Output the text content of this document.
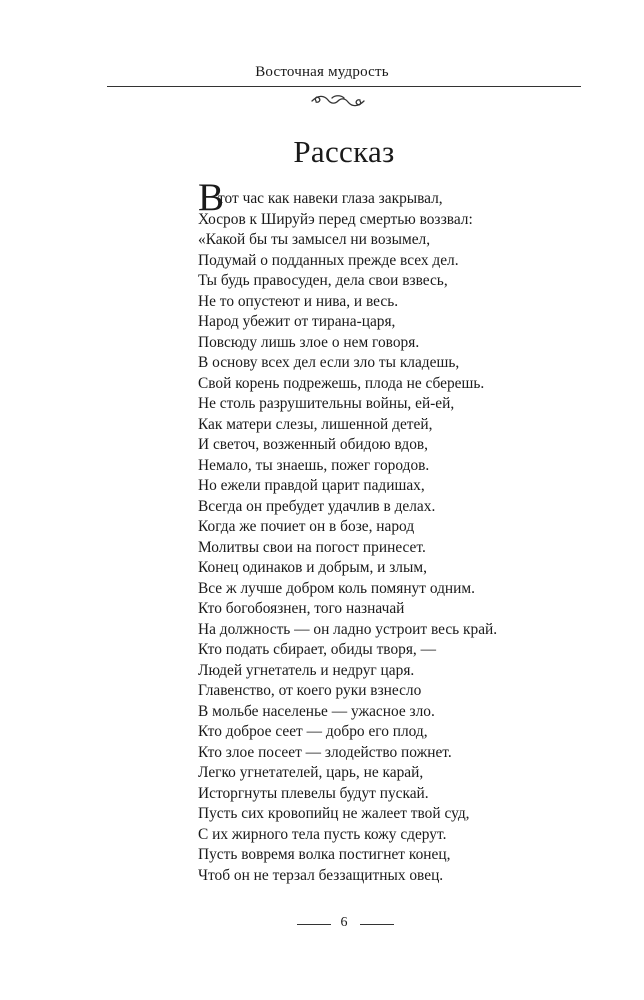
Восточная мудрость
Рассказ
В
тот час как навеки глаза закрывал,
Хосров к Шируйэ перед смертью воззвал:
«Какой бы ты замысел ни возымел,
Подумай о подданных прежде всех дел.
Ты будь правосуден, дела свои взвесь,
Не то опустеют и нива, и весь.
Народ убежит от тирана-царя,
Повсюду лишь злое о нем говоря.
В основу всех дел если зло ты кладешь,
Свой корень подрежешь, плода не сберешь.
Не столь разрушительны войны, ей-ей,
Как матери слезы, лишенной детей,
И светоч, возженный обидою вдов,
Немало, ты знаешь, пожег городов.
Но ежели правдой царит падишах,
Всегда он пребудет удачлив в делах.
Когда же почиет он в бозе, народ
Молитвы свои на погост принесет.
Конец одинаков и добрым, и злым,
Все ж лучше добром коль помянут одним.
Кто богобоязнен, того назначай
На должность — он ладно устроит весь край.
Кто подать сбирает, обиды творя, —
Людей угнетатель и недруг царя.
Главенство, от коего руки взнесло
В мольбе населенье — ужасное зло.
Кто доброе сеет — добро его плод,
Кто злое посеет — злодейство пожнет.
Легко угнетателей, царь, не карай,
Исторгнуты плевелы будут пускай.
Пусть сих кровопийц не жалеет твой суд,
С их жирного тела пусть кожу сдерут.
Пусть вовремя волка постигнет конец,
Чтоб он не терзал беззащитных овец.
6
